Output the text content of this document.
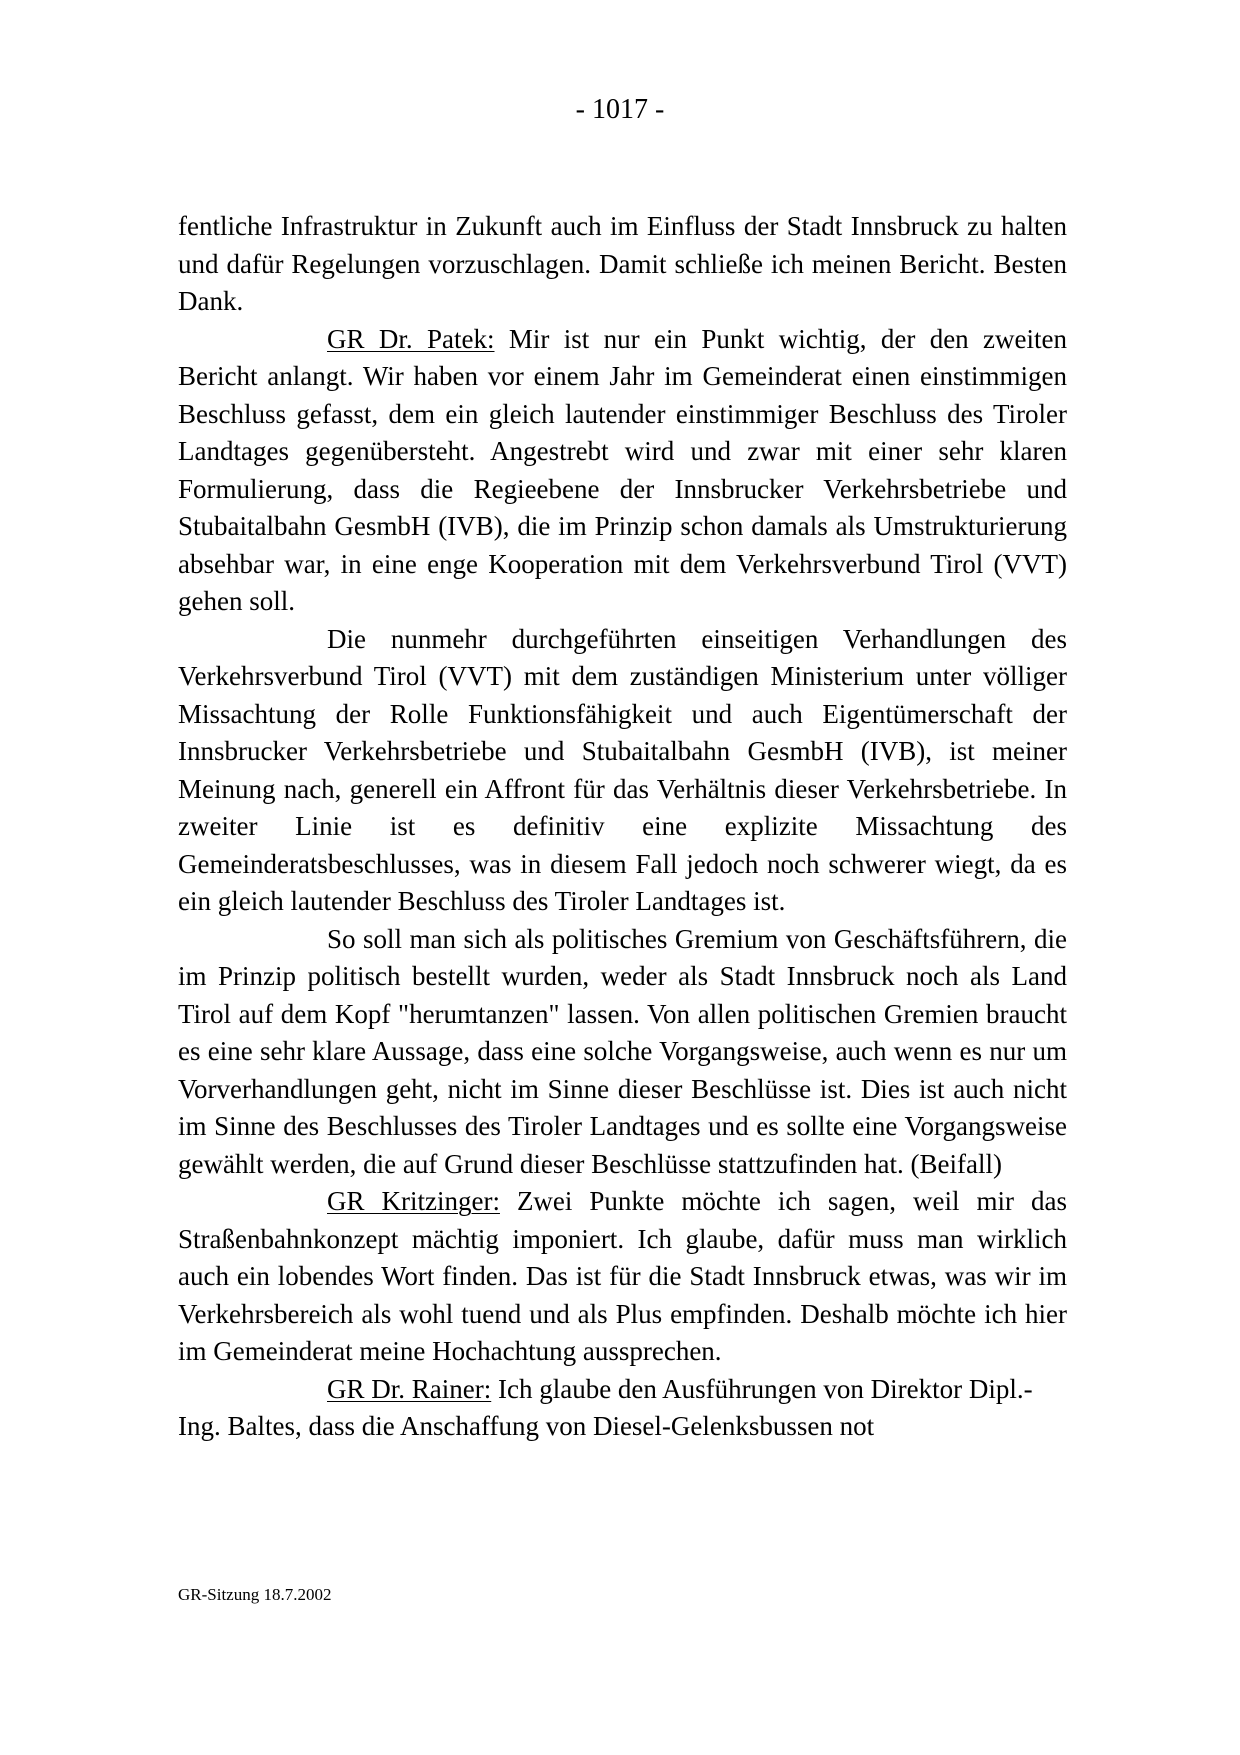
- 1017 -

fentliche Infrastruktur in Zukunft auch im Einfluss der Stadt Innsbruck zu halten und dafür Regelungen vorzuschlagen. Damit schließe ich meinen Bericht. Besten Dank.

GR Dr. Patek: Mir ist nur ein Punkt wichtig, der den zweiten Bericht anlangt. Wir haben vor einem Jahr im Gemeinderat einen einstimmigen Beschluss gefasst, dem ein gleich lautender einstimmiger Beschluss des Tiroler Landtages gegenübersteht. Angestrebt wird und zwar mit einer sehr klaren Formulierung, dass die Regieebene der Innsbrucker Verkehrsbetriebe und Stubaitalbahn GesmbH (IVB), die im Prinzip schon damals als Umstrukturierung absehbar war, in eine enge Kooperation mit dem Verkehrsverbund Tirol (VVT) gehen soll.

Die nunmehr durchgeführten einseitigen Verhandlungen des Verkehrsverbund Tirol (VVT) mit dem zuständigen Ministerium unter völliger Missachtung der Rolle Funktionsfähigkeit und auch Eigentümerschaft der Innsbrucker Verkehrsbetriebe und Stubaitalbahn GesmbH (IVB), ist meiner Meinung nach, generell ein Affront für das Verhältnis dieser Verkehrsbetriebe. In zweiter Linie ist es definitiv eine explizite Missachtung des Gemeinderatsbeschlusses, was in diesem Fall jedoch noch schwerer wiegt, da es ein gleich lautender Beschluss des Tiroler Landtages ist.

So soll man sich als politisches Gremium von Geschäftsführern, die im Prinzip politisch bestellt wurden, weder als Stadt Innsbruck noch als Land Tirol auf dem Kopf "herumtanzen" lassen. Von allen politischen Gremien braucht es eine sehr klare Aussage, dass eine solche Vorgangsweise, auch wenn es nur um Vorverhandlungen geht, nicht im Sinne dieser Beschlüsse ist. Dies ist auch nicht im Sinne des Beschlusses des Tiroler Landtages und es sollte eine Vorgangsweise gewählt werden, die auf Grund dieser Beschlüsse stattzufinden hat. (Beifall)

GR Kritzinger: Zwei Punkte möchte ich sagen, weil mir das Straßenbahnkonzept mächtig imponiert. Ich glaube, dafür muss man wirklich auch ein lobendes Wort finden. Das ist für die Stadt Innsbruck etwas, was wir im Verkehrsbereich als wohl tuend und als Plus empfinden. Deshalb möchte ich hier im Gemeinderat meine Hochachtung aussprechen.

GR Dr. Rainer: Ich glaube den Ausführungen von Direktor Dipl.-Ing. Baltes, dass die Anschaffung von Diesel-Gelenksbussen not

GR-Sitzung 18.7.2002
